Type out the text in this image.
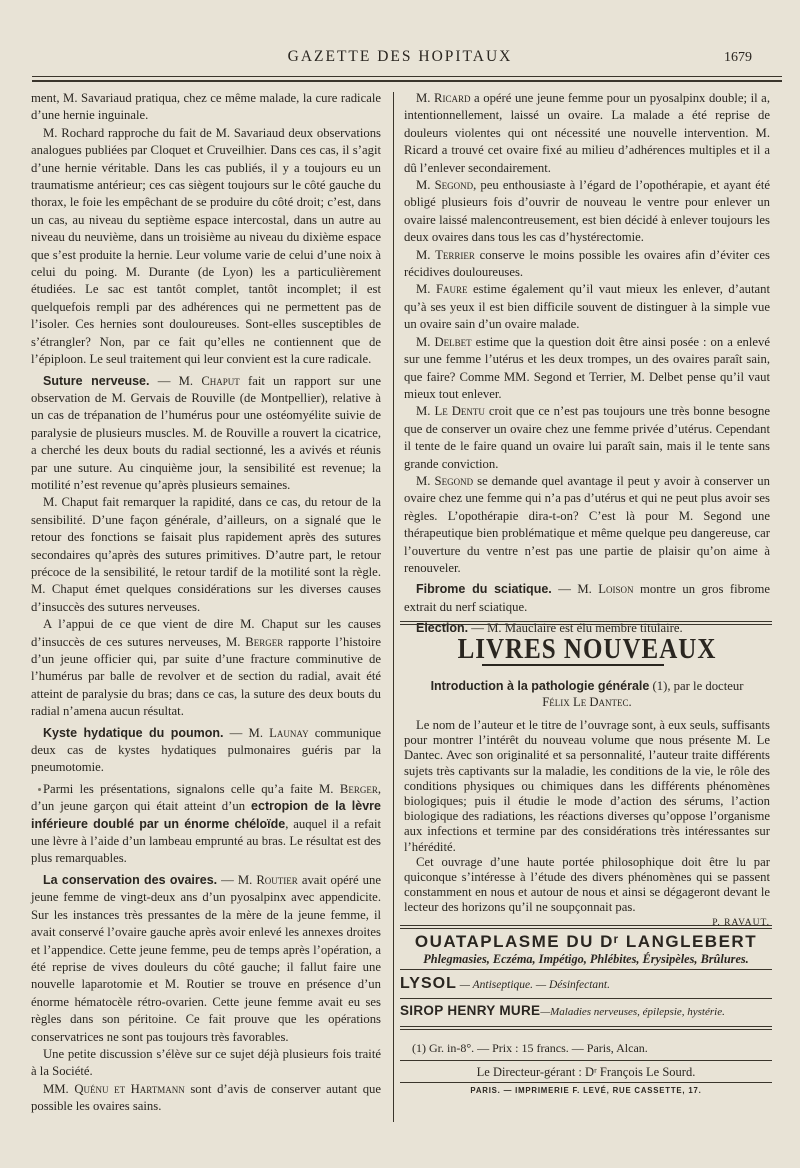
GAZETTE DES HOPITAUX	1679

ment, M. Savariaud pratiqua, chez ce même malade, la cure radicale d’une hernie inguinale.

M. Rochard rapproche du fait de M. Savariaud deux observations analogues publiées par Cloquet et Cruveilhier. Dans ces cas, il s’agit d’une hernie véritable. Dans les cas publiés, il y a toujours eu un traumatisme antérieur; ces cas siègent toujours sur le côté gauche du thorax, le foie les empêchant de se produire du côté droit; c’est, dans un cas, au niveau du septième espace intercostal, dans un autre au niveau du neuvième, dans un troisième au niveau du dixième espace que s’est produite la hernie. Leur volume varie de celui d’une noix à celui du poing. M. Durante (de Lyon) les a particulièrement étudiées. Le sac est tantôt complet, tantôt incomplet; il est quelquefois rempli par des adhérences qui ne permettent pas de l’isoler. Ces hernies sont douloureuses. Sont-elles susceptibles de s’étrangler? Non, par ce fait qu’elles ne contiennent que de l’épiploon. Le seul traitement qui leur convient est la cure radicale.

Suture nerveuse. — M. Chaput fait un rapport sur une observation de M. Gervais de Rouville (de Montpellier), relative à un cas de trépanation de l’humérus pour une ostéomyélite suivie de paralysie de plusieurs muscles. M. de Rouville a rouvert la cicatrice, a cherché les deux bouts du radial sectionné, les a avivés et réunis par une suture. Au cinquième jour, la sensibilité est revenue; la motilité n’est revenue qu’après plusieurs semaines.

M. Chaput fait remarquer la rapidité, dans ce cas, du retour de la sensibilité. D’une façon générale, d’ailleurs, on a signalé que le retour des fonctions se faisait plus rapidement après des sutures secondaires qu’après des sutures primitives. D’autre part, le retour précoce de la sensibilité, le retour tardif de la motilité sont la règle. M. Chaput émet quelques considérations sur les diverses causes d’insuccès des sutures nerveuses.

A l’appui de ce que vient de dire M. Chaput sur les causes d’insuccès de ces sutures nerveuses, M. Berger rapporte l’histoire d’un jeune officier qui, par suite d’une fracture comminutive de l’humérus par balle de revolver et de section du radial, avait été atteint de paralysie du bras; dans ce cas, la suture des deux bouts du radial n’amena aucun résultat.

Kyste hydatique du poumon. — M. Launay communique deux cas de kystes hydatiques pulmonaires guéris par la pneumotomie.

Parmi les présentations, signalons celle qu’a faite M. Berger, d’un jeune garçon qui était atteint d’un ectropion de la lèvre inférieure doublé par un énorme chéloïde, auquel il a refait une lèvre à l’aide d’un lambeau emprunté au bras. Le résultat est des plus remarquables.

La conservation des ovaires. — M. Routier avait opéré une jeune femme de vingt-deux ans d’un pyosalpinx avec appendicite. Sur les instances très pressantes de la mère de la jeune femme, il avait conservé l’ovaire gauche après avoir enlevé les annexes droites et l’appendice. Cette jeune femme, peu de temps après l’opération, a été reprise de vives douleurs du côté gauche; il fallut faire une nouvelle laparotomie et M. Routier se trouve en présence d’un énorme hématocèle rétro-ovarien. Cette jeune femme avait eu ses règles dans son péritoine. Ce fait prouve que les opérations conservatrices ne sont pas toujours très favorables.

Une petite discussion s’élève sur ce sujet déjà plusieurs fois traité à la Société.

MM. Quénu et Hartmann sont d’avis de conserver autant que possible les ovaires sains.

M. Ricard a opéré une jeune femme pour un pyosalpinx double; il a, intentionnellement, laissé un ovaire. La malade a été reprise de douleurs violentes qui ont nécessité une nouvelle intervention. M. Ricard a trouvé cet ovaire fixé au milieu d’adhérences multiples et il a dû l’enlever secondairement.

M. Segond, peu enthousiaste à l’égard de l’opothérapie, et ayant été obligé plusieurs fois d’ouvrir de nouveau le ventre pour enlever un ovaire laissé malencontreusement, est bien décidé à enlever toujours les deux ovaires dans tous les cas d’hystérectomie.

M. Terrier conserve le moins possible les ovaires afin d’éviter ces récidives douloureuses.

M. Faure estime également qu’il vaut mieux les enlever, d’autant qu’à ses yeux il est bien difficile souvent de distinguer à la simple vue un ovaire sain d’un ovaire malade.

M. Delbet estime que la question doit être ainsi posée : on a enlevé sur une femme l’utérus et les deux trompes, un des ovaires paraît sain, que faire? Comme MM. Segond et Terrier, M. Delbet pense qu’il vaut mieux tout enlever.

M. Le Dentu croit que ce n’est pas toujours une très bonne besogne que de conserver un ovaire chez une femme privée d’utérus. Cependant il tente de le faire quand un ovaire lui paraît sain, mais il le tente sans grande conviction.

M. Segond se demande quel avantage il peut y avoir à conserver un ovaire chez une femme qui n’a pas d’utérus et qui ne peut plus avoir ses règles. L’opothérapie dira-t-on? C’est là pour M. Segond une thérapeutique bien problématique et même quelque peu dangereuse, car l’ouverture du ventre n’est pas une partie de plaisir qu’on aime à renouveler.

Fibrome du sciatique. — M. Loison montre un gros fibrome extrait du nerf sciatique.

Election. — M. Mauclaire est élu membre titulaire.

LIVRES NOUVEAUX

Introduction à la pathologie générale (1), par le docteur
Félix Le Dantec.

Le nom de l’auteur et le titre de l’ouvrage sont, à eux seuls, suffisants pour montrer l’intérêt du nouveau volume que nous présente M. Le Dantec. Avec son originalité et sa personnalité, l’auteur traite différents sujets très captivants sur la maladie, les conditions de la vie, le rôle des conditions physiques ou chimiques dans les différents phénomènes biologiques; puis il étudie le mode d’action des sérums, l’action biologique des radiations, les réactions diverses qu’oppose l’organisme aux infections et termine par des considérations très intéressantes sur l’hérédité.

Cet ouvrage d’une haute portée philosophique doit être lu par quiconque s’intéresse à l’étude des divers phénomènes qui se passent constamment en nous et autour de nous et ainsi se dégageront devant le lecteur des horizons qu’il ne soupçonnait pas.

P. RAVAUT.

OUATAPLASME DU Dʳ LANGLEBERT
Phlegmasies, Eczéma, Impétigo, Phlébites, Érysipèles, Brûlures.
LYSOL — Antiseptique. — Désinfectant.
SIROP HENRY MURE—Maladies nerveuses, épilepsie, hystérie.
(1) Gr. in-8°. — Prix : 15 francs. — Paris, Alcan.
Le Directeur-gérant : Dʳ François Le Sourd.
PARIS. — IMPRIMERIE F. LEVÉ, RUE CASSETTE, 17.
